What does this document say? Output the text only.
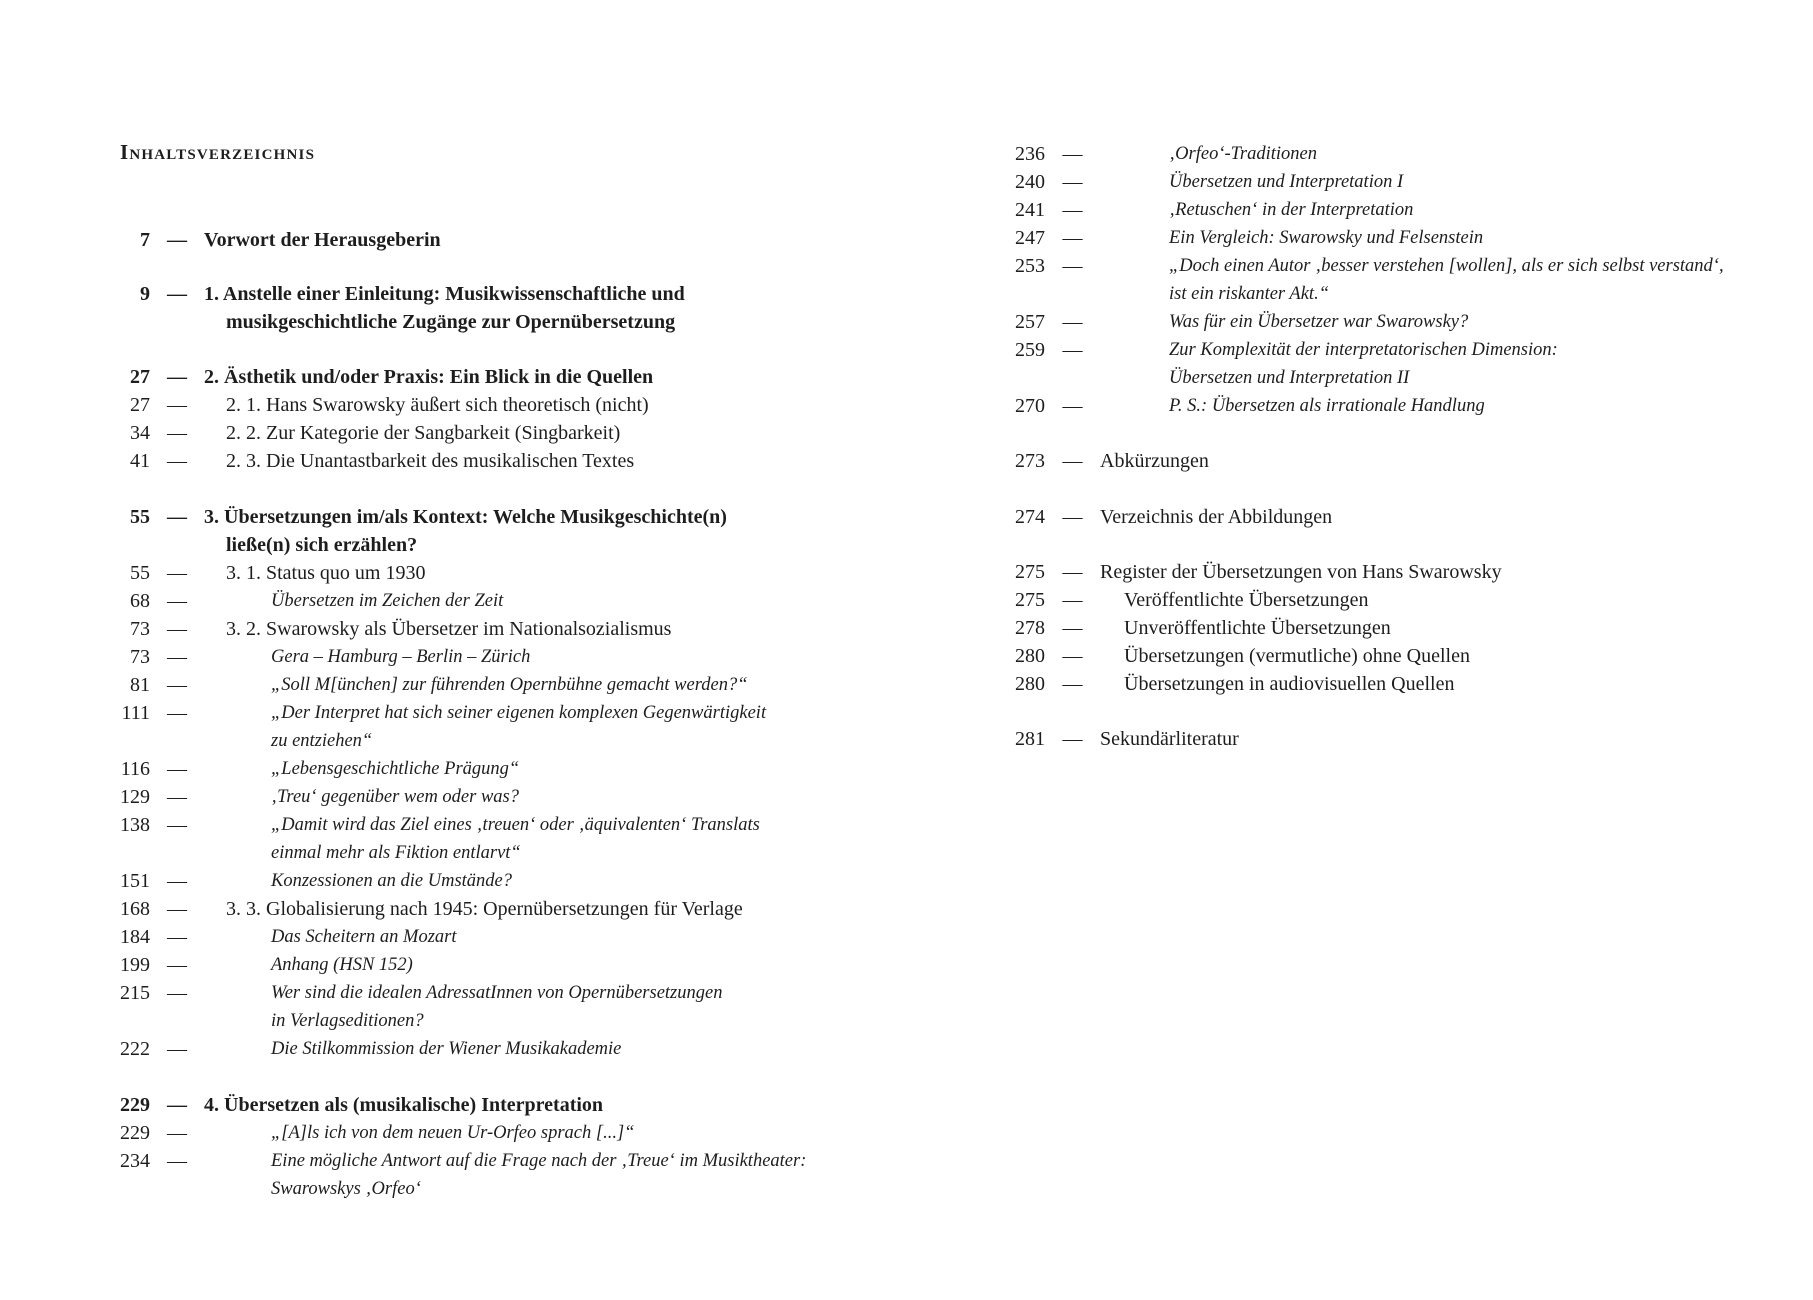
Inhaltsverzeichnis
7 — Vorwort der Herausgeberin
9 — 1. Anstelle einer Einleitung: Musikwissenschaftliche und
musikgeschichtliche Zugänge zur Opernübersetzung
27 — 2. Ästhetik und/oder Praxis: Ein Blick in die Quellen
27 —	2. 1. Hans Swarowsky äußert sich theoretisch (nicht)
34 —	2. 2. Zur Kategorie der Sangbarkeit (Singbarkeit)
41 —	2. 3. Die Unantastbarkeit des musikalischen Textes
55 — 3. Übersetzungen im/als Kontext: Welche Musikgeschichte(n)
ließe(n) sich erzählen?
55 —	3. 1. Status quo um 1930
68 —	Übersetzen im Zeichen der Zeit
73 —	3. 2. Swarowsky als Übersetzer im Nationalsozialismus
73 —	Gera – Hamburg – Berlin – Zürich
81 —	„Soll M[ünchen] zur führenden Opernbühne gemacht werden?“
111 —	„Der Interpret hat sich seiner eigenen komplexen Gegenwärtigkeit
zu entziehen“
116 —	„Lebensgeschichtliche Prägung“
129 —	‚Treu‘ gegenüber wem oder was?
138 —	„Damit wird das Ziel eines ‚treuen‘ oder ‚äquivalenten‘ Translats
einmal mehr als Fiktion entlarvt“
151 —	Konzessionen an die Umstände?
168 —	3. 3. Globalisierung nach 1945: Opernübersetzungen für Verlage
184 —	Das Scheitern an Mozart
199 —	Anhang (HSN 152)
215 —	Wer sind die idealen AdressatInnen von Opernübersetzungen
in Verlagseditionen?
222 —	Die Stilkommission der Wiener Musikakademie
229 — 4. Übersetzen als (musikalische) Interpretation
229 —	„[A]ls ich von dem neuen Ur-Orfeo sprach [...]“
234 —	Eine mögliche Antwort auf die Frage nach der ‚Treue‘ im Musiktheater:
Swarowskys ‚Orfeo‘
236 —	‚Orfeo‘-Traditionen
240 —	Übersetzen und Interpretation I
241 —	‚Retuschen‘ in der Interpretation
247 —	Ein Vergleich: Swarowsky und Felsenstein
253 —	„Doch einen Autor ‚besser verstehen [wollen], als er sich selbst verstand‘,
ist ein riskanter Akt.“
257 —	Was für ein Übersetzer war Swarowsky?
259 —	Zur Komplexität der interpretatorischen Dimension:
Übersetzen und Interpretation II
270 —	P. S.: Übersetzen als irrationale Handlung
273 — Abkürzungen
274 — Verzeichnis der Abbildungen
275 — Register der Übersetzungen von Hans Swarowsky
275 —	Veröffentlichte Übersetzungen
278 —	Unveröffentlichte Übersetzungen
280 —	Übersetzungen (vermutliche) ohne Quellen
280 —	Übersetzungen in audiovisuellen Quellen
281 — Sekundärliteratur
